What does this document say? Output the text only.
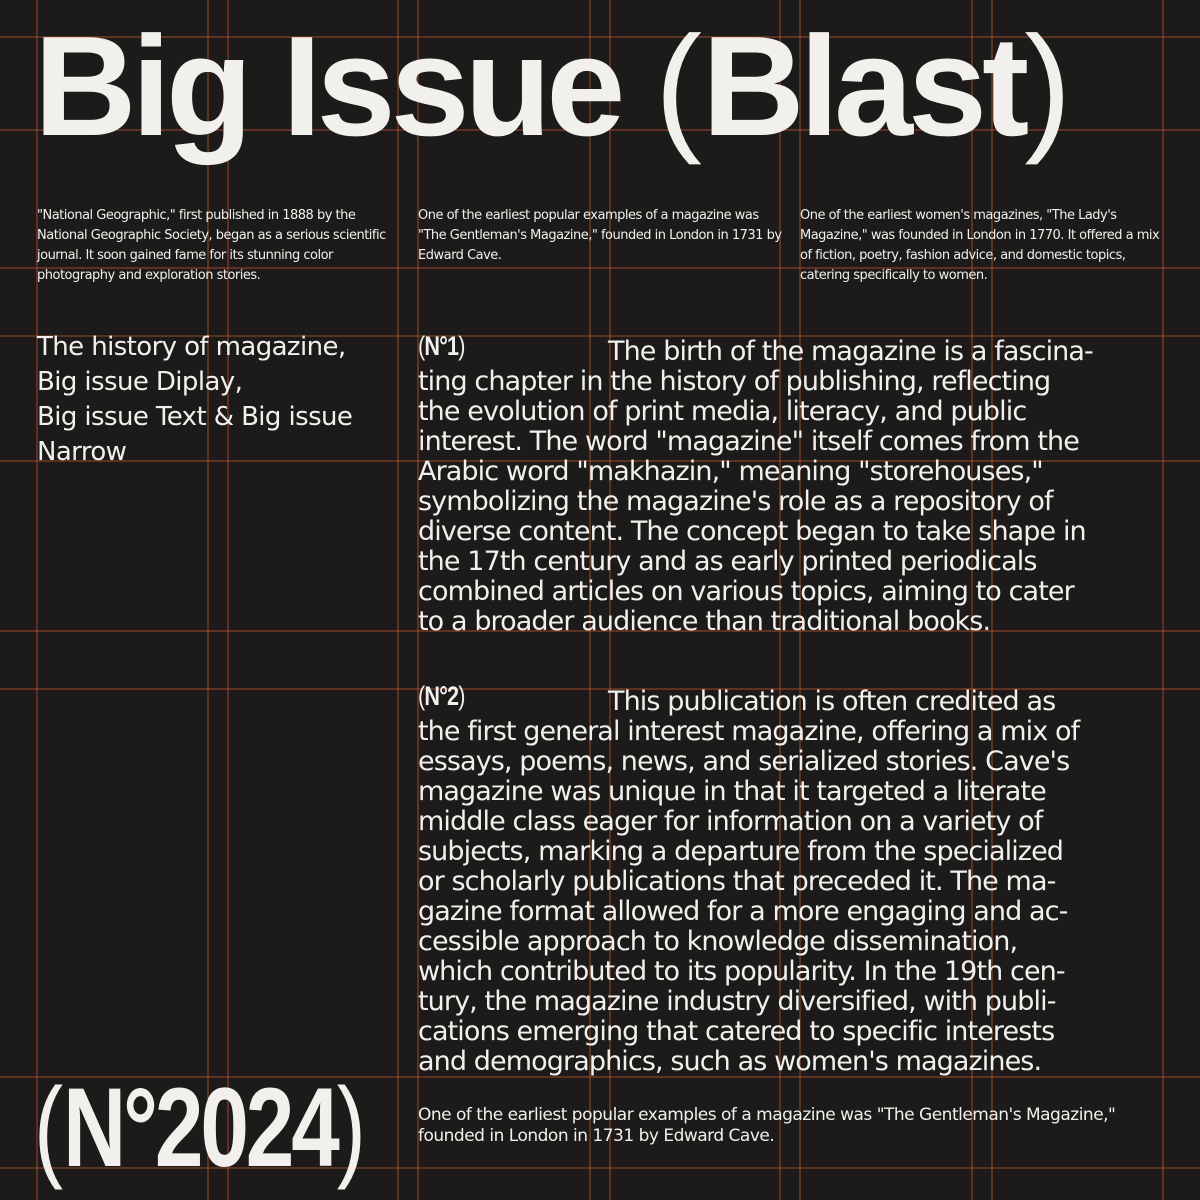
Big Issue (Blast)

"National Geographic," first published in 1888 by the National Geographic Society, began as a serious scientific journal. It soon gained fame for its stunning color photography and exploration stories.

One of the earliest popular examples of a magazine was "The Gentleman's Magazine," founded in London in 1731 by Edward Cave.

One of the earliest women's magazines, "The Lady's Magazine," was founded in London in 1770. It offered a mix of fiction, poetry, fashion advice, and domestic topics, catering specifically to women.

The history of magazine,
Big issue Diplay,
Big issue Text & Big issue
Narrow
(N°1)	The birth of the magazine is a fascina-
ting chapter in the history of publishing, reflecting
the evolution of print media, literacy, and public
interest. The word "magazine" itself comes from the
Arabic word "makhazin," meaning "storehouses,"
symbolizing the magazine's role as a repository of
diverse content. The concept began to take shape in
the 17th century and as early printed periodicals
combined articles on various topics, aiming to cater
to a broader audience than traditional books.
(N°2)	This publication is often credited as
the first general interest magazine, offering a mix of
essays, poems, news, and serialized stories. Cave's
magazine was unique in that it targeted a literate
middle class eager for information on a variety of
subjects, marking a departure from the specialized
or scholarly publications that preceded it. The ma-
gazine format allowed for a more engaging and ac-
cessible approach to knowledge dissemination,
which contributed to its popularity. In the 19th cen-
tury, the magazine industry diversified, with publi-
cations emerging that catered to specific interests
and demographics, such as women's magazines.
(N°2024)	One of the earliest popular examples of a magazine was "The Gentleman's Magazine," founded in London in 1731 by Edward Cave.
